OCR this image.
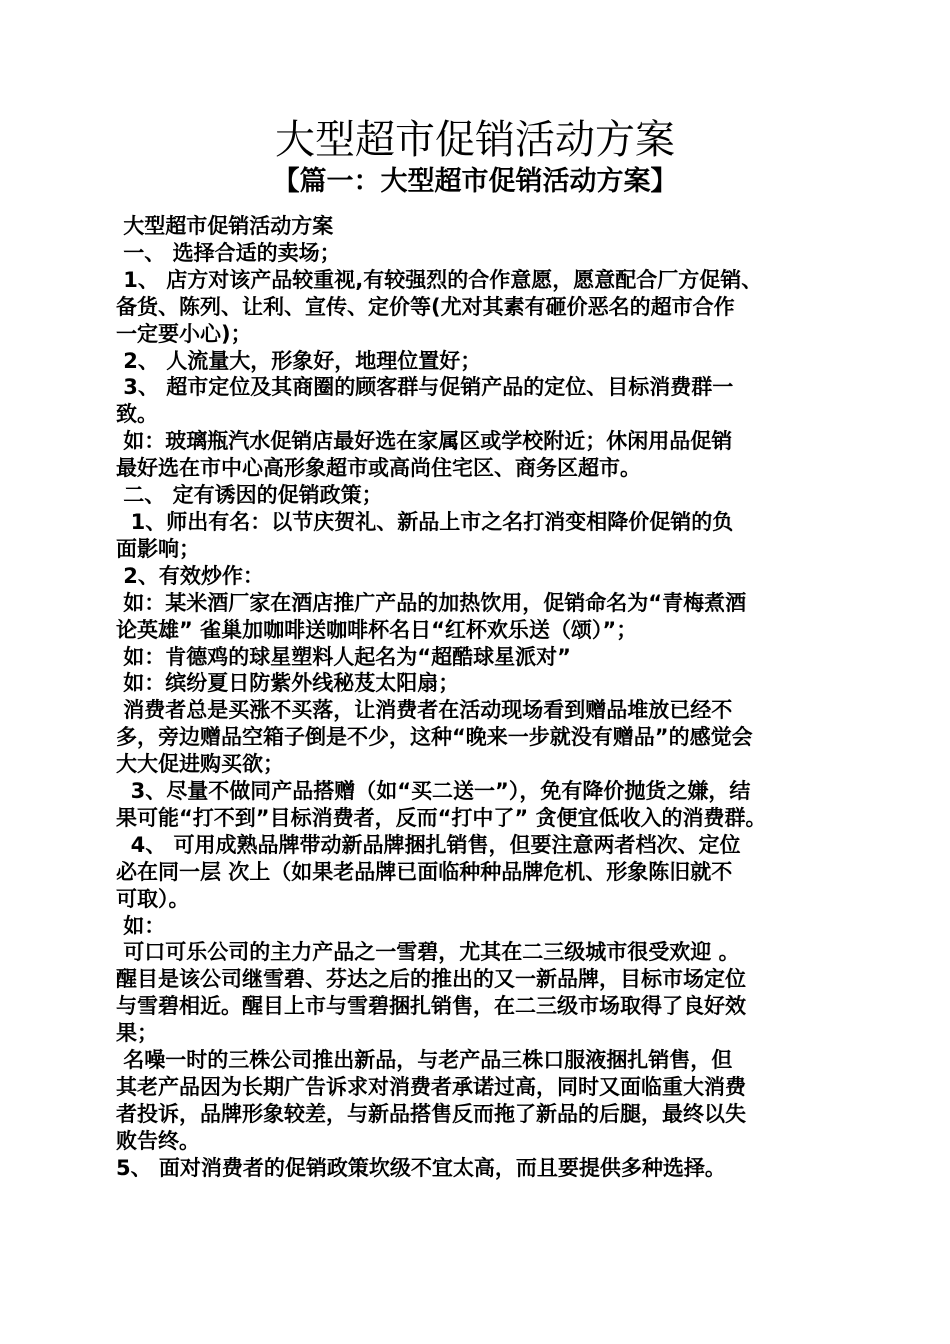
大型超市促销活动方案
【篇一：大型超市促销活动方案】
大型超市促销活动方案
一、 选择合适的卖场；
1、 店方对该产品较重视,有较强烈的合作意愿，愿意配合厂方促销、
备货、陈列、让利、宣传、定价等(尤对其素有砸价恶名的超市合作
一定要小心)；
2、 人流量大，形象好，地理位置好；
3、 超市定位及其商圈的顾客群与促销产品的定位、目标消费群一
致。
如：玻璃瓶汽水促销店最好选在家属区或学校附近；休闲用品促销
最好选在市中心高形象超市或高尚住宅区、商务区超市。
二、 定有诱因的促销政策；
1、师出有名：以节庆贺礼、新品上市之名打消变相降价促销的负
面影响；
2、有效炒作：
如：某米酒厂家在酒店推广产品的加热饮用，促销命名为“青梅煮酒
论英雄” 雀巢加咖啡送咖啡杯名日“红杯欢乐送（颂）”；
如：肯德鸡的球星塑料人起名为“超酷球星派对”
如：缤纷夏日防紫外线秘芨太阳扇；
消费者总是买涨不买落，让消费者在活动现场看到赠品堆放已经不
多，旁边赠品空箱子倒是不少，这种“晚来一步就没有赠品”的感觉会
大大促进购买欲；
3、尽量不做同产品搭赠（如“买二送一”），免有降价抛货之嫌，结
果可能“打不到”目标消费者，反而“打中了” 贪便宜低收入的消费群。
4、 可用成熟品牌带动新品牌捆扎销售，但要注意两者档次、定位
必在同一层 次上（如果老品牌已面临种种品牌危机、形象陈旧就不
可取）。
如：
可口可乐公司的主力产品之一雪碧，尤其在二三级城市很受欢迎 。
醒目是该公司继雪碧、芬达之后的推出的又一新品牌，目标市场定位
与雪碧相近。醒目上市与雪碧捆扎销售，在二三级市场取得了良好效
果；
名噪一时的三株公司推出新品，与老产品三株口服液捆扎销售，但
其老产品因为长期广告诉求对消费者承诺过高，同时又面临重大消费
者投诉，品牌形象较差，与新品搭售反而拖了新品的后腿，最终以失
败告终。
5、 面对消费者的促销政策坎级不宜太高，而且要提供多种选择。
